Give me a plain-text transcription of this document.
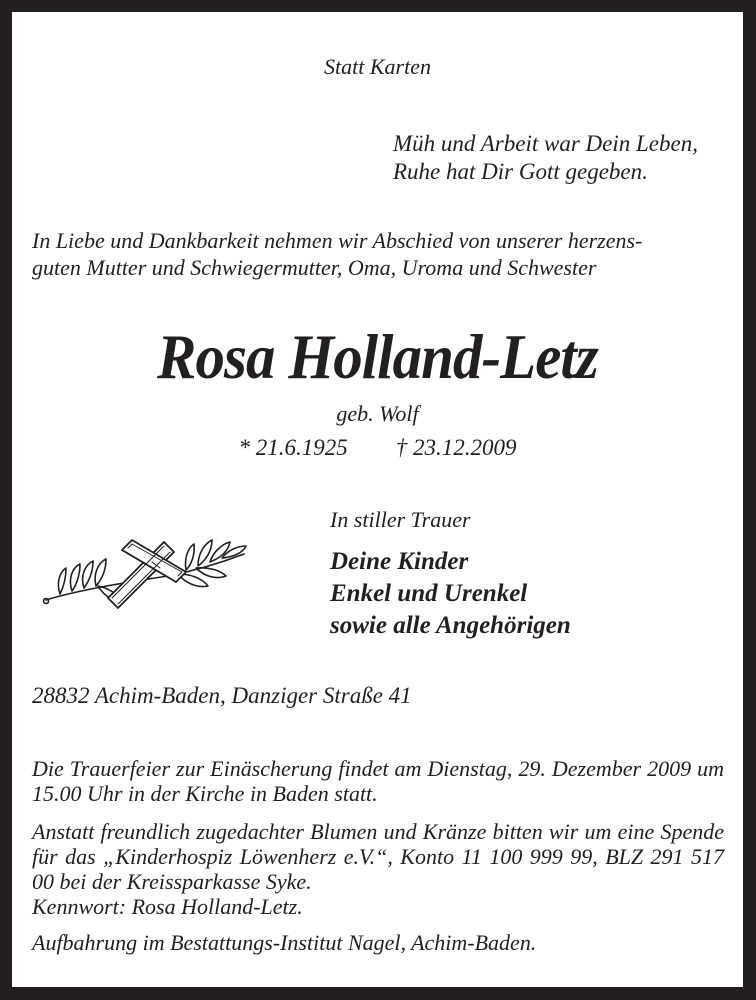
Statt Karten
Müh und Arbeit war Dein Leben,
Ruhe hat Dir Gott gegeben.
In Liebe und Dankbarkeit nehmen wir Abschied von unserer herzens-
guten Mutter und Schwiegermutter, Oma, Uroma und Schwester
Rosa Holland-Letz
geb. Wolf
* 21.6.1925 † 23.12.2009
In stiller Trauer
Deine Kinder
Enkel und Urenkel
sowie alle Angehörigen
28832 Achim-Baden, Danziger Straße 41
Die Trauerfeier zur Einäscherung findet am Dienstag, 29. Dezember 2009 um 15.00 Uhr in der Kirche in Baden statt.
Anstatt freundlich zugedachter Blumen und Kränze bitten wir um eine Spende für das „Kinderhospiz Löwenherz e.V.“, Konto 11 100 999 99, BLZ 291 517 00 bei der Kreissparkasse Syke.
Kennwort: Rosa Holland-Letz.
Aufbahrung im Bestattungs-Institut Nagel, Achim-Baden.
